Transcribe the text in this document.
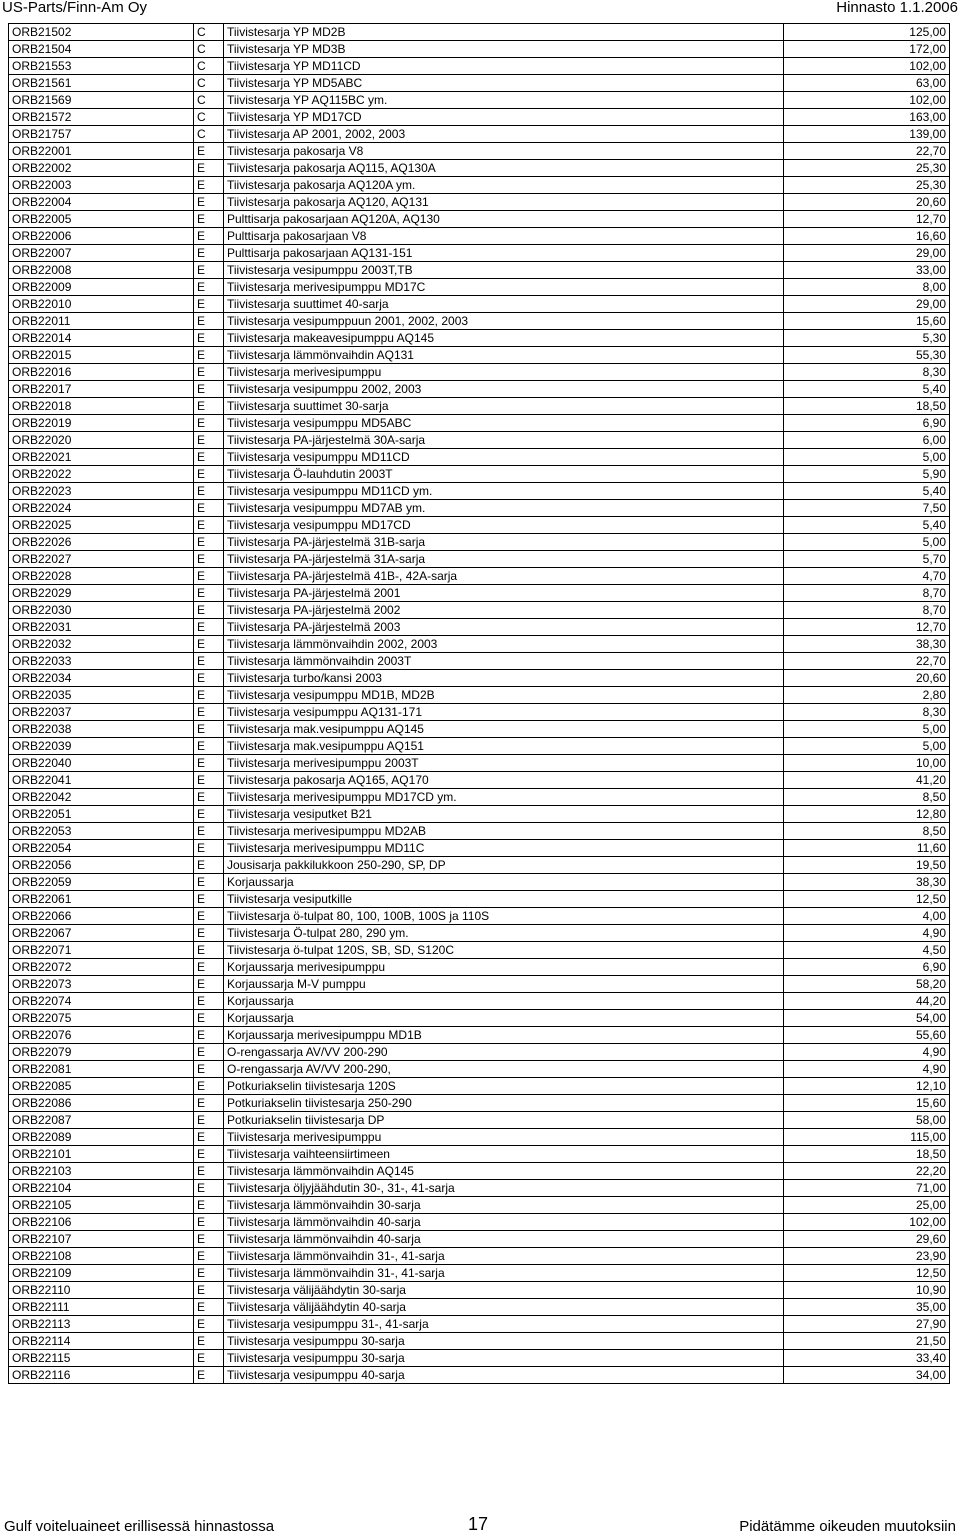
US-Parts/Finn-Am Oy	Hinnasto 1.1.2006
ORB21502	C	Tiivistesarja YP MD2B	125,00
ORB21504	C	Tiivistesarja YP MD3B	172,00
ORB21553	C	Tiivistesarja YP MD11CD	102,00
ORB21561	C	Tiivistesarja YP MD5ABC	63,00
ORB21569	C	Tiivistesarja YP AQ115BC ym.	102,00
ORB21572	C	Tiivistesarja YP MD17CD	163,00
ORB21757	C	Tiivistesarja AP 2001, 2002, 2003	139,00
ORB22001	E	Tiivistesarja pakosarja V8	22,70
ORB22002	E	Tiivistesarja pakosarja AQ115, AQ130A	25,30
ORB22003	E	Tiivistesarja pakosarja AQ120A ym.	25,30
ORB22004	E	Tiivistesarja pakosarja AQ120, AQ131	20,60
ORB22005	E	Pulttisarja pakosarjaan AQ120A, AQ130	12,70
ORB22006	E	Pulttisarja pakosarjaan V8	16,60
ORB22007	E	Pulttisarja pakosarjaan AQ131-151	29,00
ORB22008	E	Tiivistesarja vesipumppu 2003T,TB	33,00
ORB22009	E	Tiivistesarja merivesipumppu MD17C	8,00
ORB22010	E	Tiivistesarja suuttimet 40-sarja	29,00
ORB22011	E	Tiivistesarja vesipumppuun 2001, 2002, 2003	15,60
ORB22014	E	Tiivistesarja makeavesipumppu AQ145	5,30
ORB22015	E	Tiivistesarja lämmönvaihdin AQ131	55,30
ORB22016	E	Tiivistesarja merivesipumppu	8,30
ORB22017	E	Tiivistesarja vesipumppu 2002, 2003	5,40
ORB22018	E	Tiivistesarja suuttimet 30-sarja	18,50
ORB22019	E	Tiivistesarja vesipumppu MD5ABC	6,90
ORB22020	E	Tiivistesarja PA-järjestelmä 30A-sarja	6,00
ORB22021	E	Tiivistesarja vesipumppu MD11CD	5,00
ORB22022	E	Tiivistesarja Ö-lauhdutin 2003T	5,90
ORB22023	E	Tiivistesarja vesipumppu MD11CD ym.	5,40
ORB22024	E	Tiivistesarja vesipumppu MD7AB ym.	7,50
ORB22025	E	Tiivistesarja vesipumppu MD17CD	5,40
ORB22026	E	Tiivistesarja PA-järjestelmä 31B-sarja	5,00
ORB22027	E	Tiivistesarja PA-järjestelmä 31A-sarja	5,70
ORB22028	E	Tiivistesarja PA-järjestelmä 41B-, 42A-sarja	4,70
ORB22029	E	Tiivistesarja PA-järjestelmä 2001	8,70
ORB22030	E	Tiivistesarja PA-järjestelmä 2002	8,70
ORB22031	E	Tiivistesarja PA-järjestelmä 2003	12,70
ORB22032	E	Tiivistesarja lämmönvaihdin 2002, 2003	38,30
ORB22033	E	Tiivistesarja lämmönvaihdin 2003T	22,70
ORB22034	E	Tiivistesarja turbo/kansi 2003	20,60
ORB22035	E	Tiivistesarja vesipumppu MD1B, MD2B	2,80
ORB22037	E	Tiivistesarja vesipumppu AQ131-171	8,30
ORB22038	E	Tiivistesarja mak.vesipumppu AQ145	5,00
ORB22039	E	Tiivistesarja mak.vesipumppu AQ151	5,00
ORB22040	E	Tiivistesarja merivesipumppu 2003T	10,00
ORB22041	E	Tiivistesarja pakosarja AQ165, AQ170	41,20
ORB22042	E	Tiivistesarja merivesipumppu MD17CD ym.	8,50
ORB22051	E	Tiivistesarja vesiputket B21	12,80
ORB22053	E	Tiivistesarja merivesipumppu MD2AB	8,50
ORB22054	E	Tiivistesarja merivesipumppu MD11C	11,60
ORB22056	E	Jousisarja pakkilukkoon 250-290, SP, DP	19,50
ORB22059	E	Korjaussarja	38,30
ORB22061	E	Tiivistesarja vesiputkille	12,50
ORB22066	E	Tiivistesarja ö-tulpat 80, 100, 100B, 100S ja 110S	4,00
ORB22067	E	Tiivistesarja Ö-tulpat 280, 290 ym.	4,90
ORB22071	E	Tiivistesarja ö-tulpat 120S, SB, SD, S120C	4,50
ORB22072	E	Korjaussarja merivesipumppu	6,90
ORB22073	E	Korjaussarja M-V pumppu	58,20
ORB22074	E	Korjaussarja	44,20
ORB22075	E	Korjaussarja	54,00
ORB22076	E	Korjaussarja merivesipumppu MD1B	55,60
ORB22079	E	O-rengassarja AV/VV 200-290	4,90
ORB22081	E	O-rengassarja AV/VV 200-290,	4,90
ORB22085	E	Potkuriakselin tiivistesarja 120S	12,10
ORB22086	E	Potkuriakselin tiivistesarja 250-290	15,60
ORB22087	E	Potkuriakselin tiivistesarja DP	58,00
ORB22089	E	Tiivistesarja merivesipumppu	115,00
ORB22101	E	Tiivistesarja vaihteensiirtimeen	18,50
ORB22103	E	Tiivistesarja lämmönvaihdin AQ145	22,20
ORB22104	E	Tiivistesarja öljyjäähdutin 30-, 31-, 41-sarja	71,00
ORB22105	E	Tiivistesarja lämmönvaihdin 30-sarja	25,00
ORB22106	E	Tiivistesarja lämmönvaihdin 40-sarja	102,00
ORB22107	E	Tiivistesarja lämmönvaihdin 40-sarja	29,60
ORB22108	E	Tiivistesarja lämmönvaihdin 31-, 41-sarja	23,90
ORB22109	E	Tiivistesarja lämmönvaihdin 31-, 41-sarja	12,50
ORB22110	E	Tiivistesarja välijäähdytin 30-sarja	10,90
ORB22111	E	Tiivistesarja välijäähdytin 40-sarja	35,00
ORB22113	E	Tiivistesarja vesipumppu 31-, 41-sarja	27,90
ORB22114	E	Tiivistesarja vesipumppu 30-sarja	21,50
ORB22115	E	Tiivistesarja vesipumppu 30-sarja	33,40
ORB22116	E	Tiivistesarja vesipumppu 40-sarja	34,00
Gulf voiteluaineet erillisessä hinnastossa	17	Pidätämme oikeuden muutoksiin
